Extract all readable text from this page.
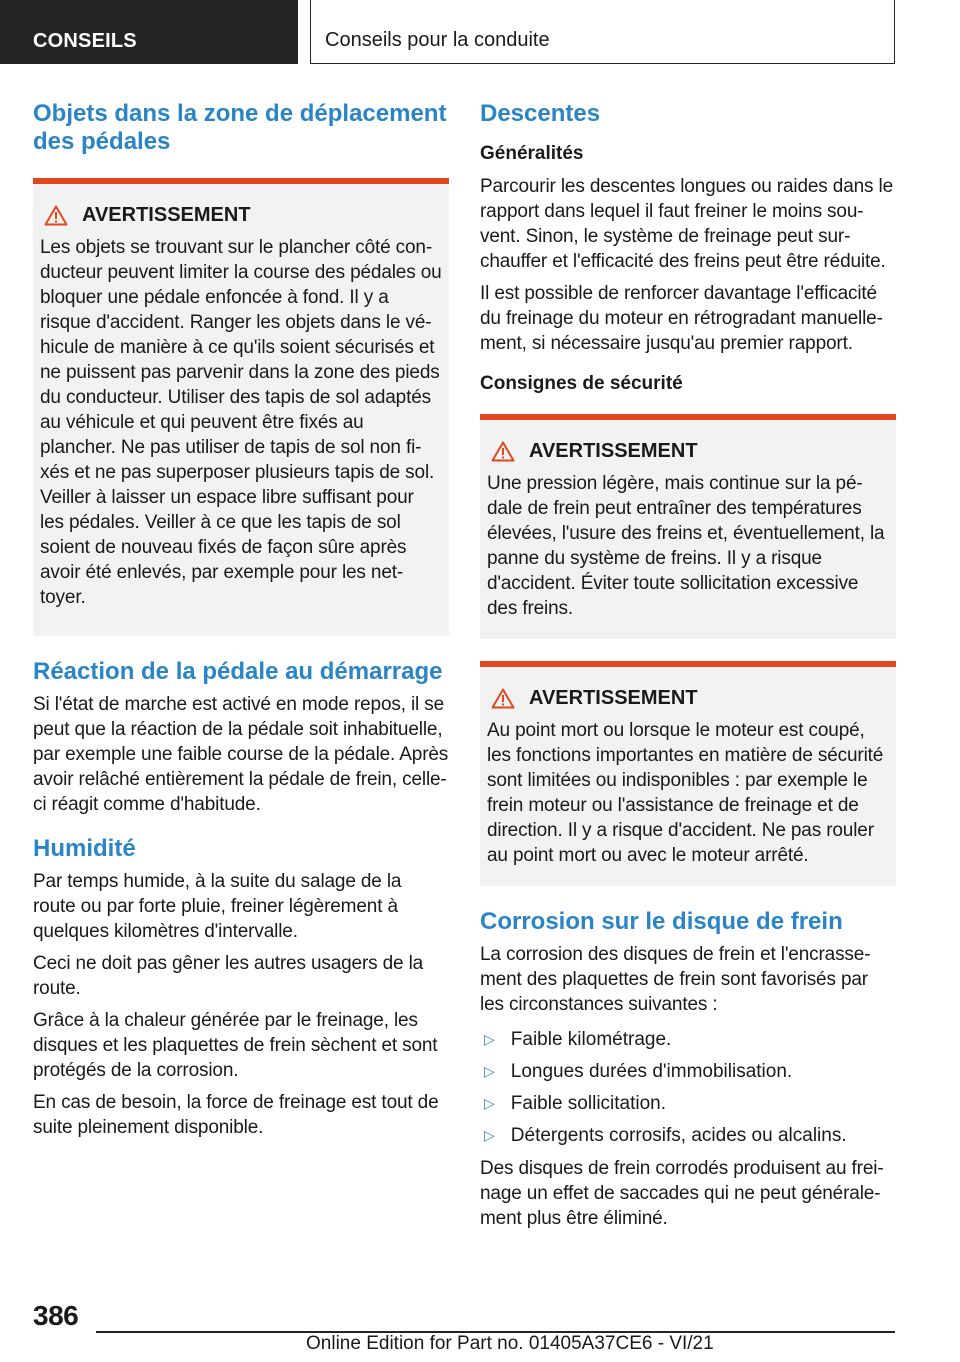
CONSEILS	Conseils pour la conduite
Objets dans la zone de déplacement des pédales
AVERTISSEMENT

Les objets se trouvant sur le plancher côté conducteur peuvent limiter la course des pédales ou bloquer une pédale enfoncée à fond. Il y a risque d'accident. Ranger les objets dans le véhicule de manière à ce qu'ils soient sécurisés et ne puissent pas parvenir dans la zone des pieds du conducteur. Utiliser des tapis de sol adaptés au véhicule et qui peuvent être fixés au plancher. Ne pas utiliser de tapis de sol non fixés et ne pas superposer plusieurs tapis de sol. Veiller à laisser un espace libre suffisant pour les pédales. Veiller à ce que les tapis de sol soient de nouveau fixés de façon sûre après avoir été enlevés, par exemple pour les nettoyer.

Réaction de la pédale au démarrage

Si l'état de marche est activé en mode repos, il se peut que la réaction de la pédale soit inhabituelle, par exemple une faible course de la pédale. Après avoir relâché entièrement la pédale de frein, celle-ci réagit comme d'habitude.

Humidité

Par temps humide, à la suite du salage de la route ou par forte pluie, freiner légèrement à quelques kilomètres d'intervalle.

Ceci ne doit pas gêner les autres usagers de la route.

Grâce à la chaleur générée par le freinage, les disques et les plaquettes de frein sèchent et sont protégés de la corrosion.

En cas de besoin, la force de freinage est tout de suite pleinement disponible.

Descentes
Généralités

Parcourir les descentes longues ou raides dans le rapport dans lequel il faut freiner le moins souvent. Sinon, le système de freinage peut surchauffer et l'efficacité des freins peut être réduite.

Il est possible de renforcer davantage l'efficacité du freinage du moteur en rétrogradant manuellement, si nécessaire jusqu'au premier rapport.

Consignes de sécurité
AVERTISSEMENT

Une pression légère, mais continue sur la pédale de frein peut entraîner des températures élevées, l'usure des freins et, éventuellement, la panne du système de freins. Il y a risque d'accident. Éviter toute sollicitation excessive des freins.

AVERTISSEMENT

Au point mort ou lorsque le moteur est coupé, les fonctions importantes en matière de sécurité sont limitées ou indisponibles : par exemple le frein moteur ou l'assistance de freinage et de direction. Il y a risque d'accident. Ne pas rouler au point mort ou avec le moteur arrêté.

Corrosion sur le disque de frein

La corrosion des disques de frein et l'encrassement des plaquettes de frein sont favorisés par les circonstances suivantes :

▷ Faible kilométrage.
▷ Longues durées d'immobilisation.
▷ Faible sollicitation.
▷ Détergents corrosifs, acides ou alcalins.

Des disques de frein corrodés produisent au freinage un effet de saccades qui ne peut généralement plus être éliminé.

386
Online Edition for Part no. 01405A37CE6 - VI/21
